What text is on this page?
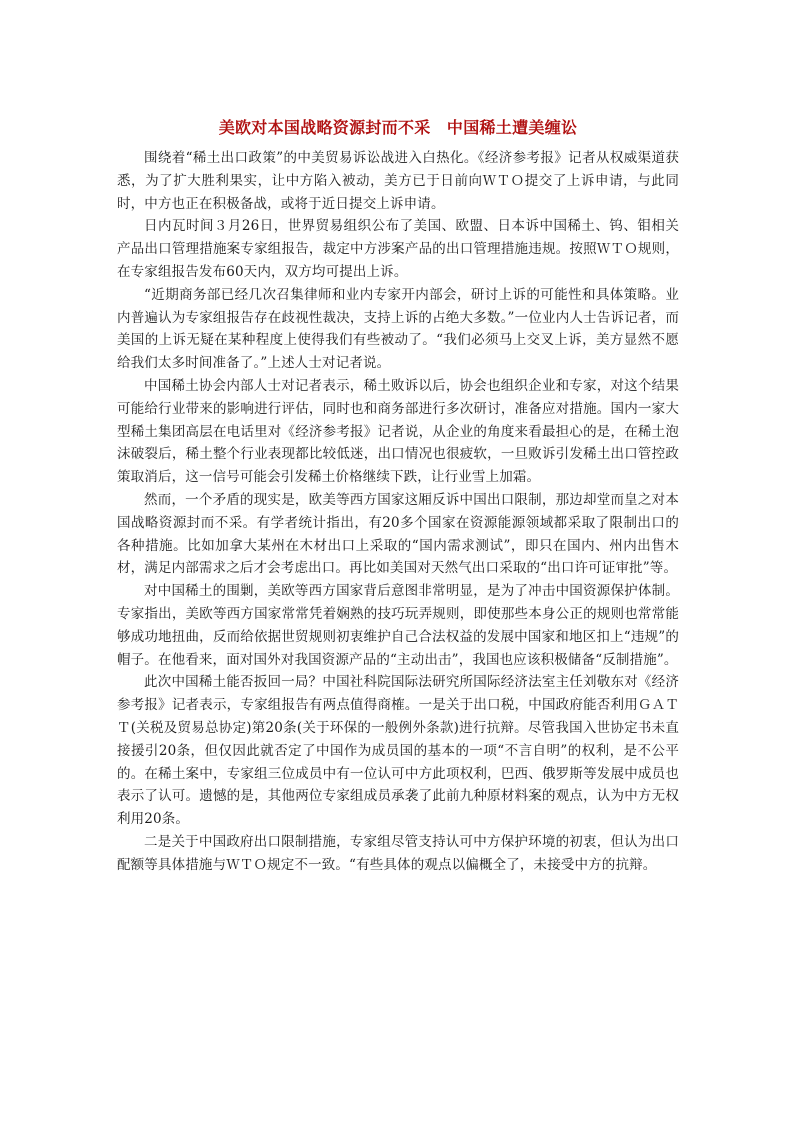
美欧对本国战略资源封而不采　中国稀土遭美缠讼

围绕着“稀土出口政策”的中美贸易诉讼战进入白热化。《经济参考报》记者从权威渠道获悉，为了扩大胜利果实，让中方陷入被动，美方已于日前向ＷＴＯ提交了上诉申请，与此同时，中方也正在积极备战，或将于近日提交上诉申请。

日内瓦时间３月26日，世界贸易组织公布了美国、欧盟、日本诉中国稀土、钨、钼相关产品出口管理措施案专家组报告，裁定中方涉案产品的出口管理措施违规。按照ＷＴＯ规则，在专家组报告发布60天内，双方均可提出上诉。

“近期商务部已经几次召集律师和业内专家开内部会，研讨上诉的可能性和具体策略。业内普遍认为专家组报告存在歧视性裁决，支持上诉的占绝大多数。”一位业内人士告诉记者，而美国的上诉无疑在某种程度上使得我们有些被动了。“我们必须马上交叉上诉，美方显然不愿给我们太多时间准备了。”上述人士对记者说。

中国稀土协会内部人士对记者表示，稀土败诉以后，协会也组织企业和专家，对这个结果可能给行业带来的影响进行评估，同时也和商务部进行多次研讨，准备应对措施。国内一家大型稀土集团高层在电话里对《经济参考报》记者说，从企业的角度来看最担心的是，在稀土泡沫破裂后，稀土整个行业表现都比较低迷，出口情况也很疲软，一旦败诉引发稀土出口管控政策取消后，这一信号可能会引发稀土价格继续下跌，让行业雪上加霜。

然而，一个矛盾的现实是，欧美等西方国家这厢反诉中国出口限制，那边却堂而皇之对本国战略资源封而不采。有学者统计指出，有20多个国家在资源能源领域都采取了限制出口的各种措施。比如加拿大某州在木材出口上采取的“国内需求测试”，即只在国内、州内出售木材，满足内部需求之后才会考虑出口。再比如美国对天然气出口采取的“出口许可证审批”等。

对中国稀土的围剿，美欧等西方国家背后意图非常明显，是为了冲击中国资源保护体制。专家指出，美欧等西方国家常常凭着娴熟的技巧玩弄规则，即使那些本身公正的规则也常常能够成功地扭曲，反而给依据世贸规则初衷维护自己合法权益的发展中国家和地区扣上“违规”的帽子。在他看来，面对国外对我国资源产品的“主动出击”，我国也应该积极储备“反制措施”。

此次中国稀土能否扳回一局？中国社科院国际法研究所国际经济法室主任刘敬东对《经济参考报》记者表示，专家组报告有两点值得商榷。一是关于出口税，中国政府能否利用ＧＡＴＴ(关税及贸易总协定)第20条(关于环保的一般例外条款)进行抗辩。尽管我国入世协定书未直接援引20条，但仅因此就否定了中国作为成员国的基本的一项“不言自明”的权利，是不公平的。在稀土案中，专家组三位成员中有一位认可中方此项权利，巴西、俄罗斯等发展中成员也表示了认可。遗憾的是，其他两位专家组成员承袭了此前九种原材料案的观点，认为中方无权利用20条。

二是关于中国政府出口限制措施，专家组尽管支持认可中方保护环境的初衷，但认为出口配额等具体措施与ＷＴＯ规定不一致。“有些具体的观点以偏概全了，未接受中方的抗辩。
